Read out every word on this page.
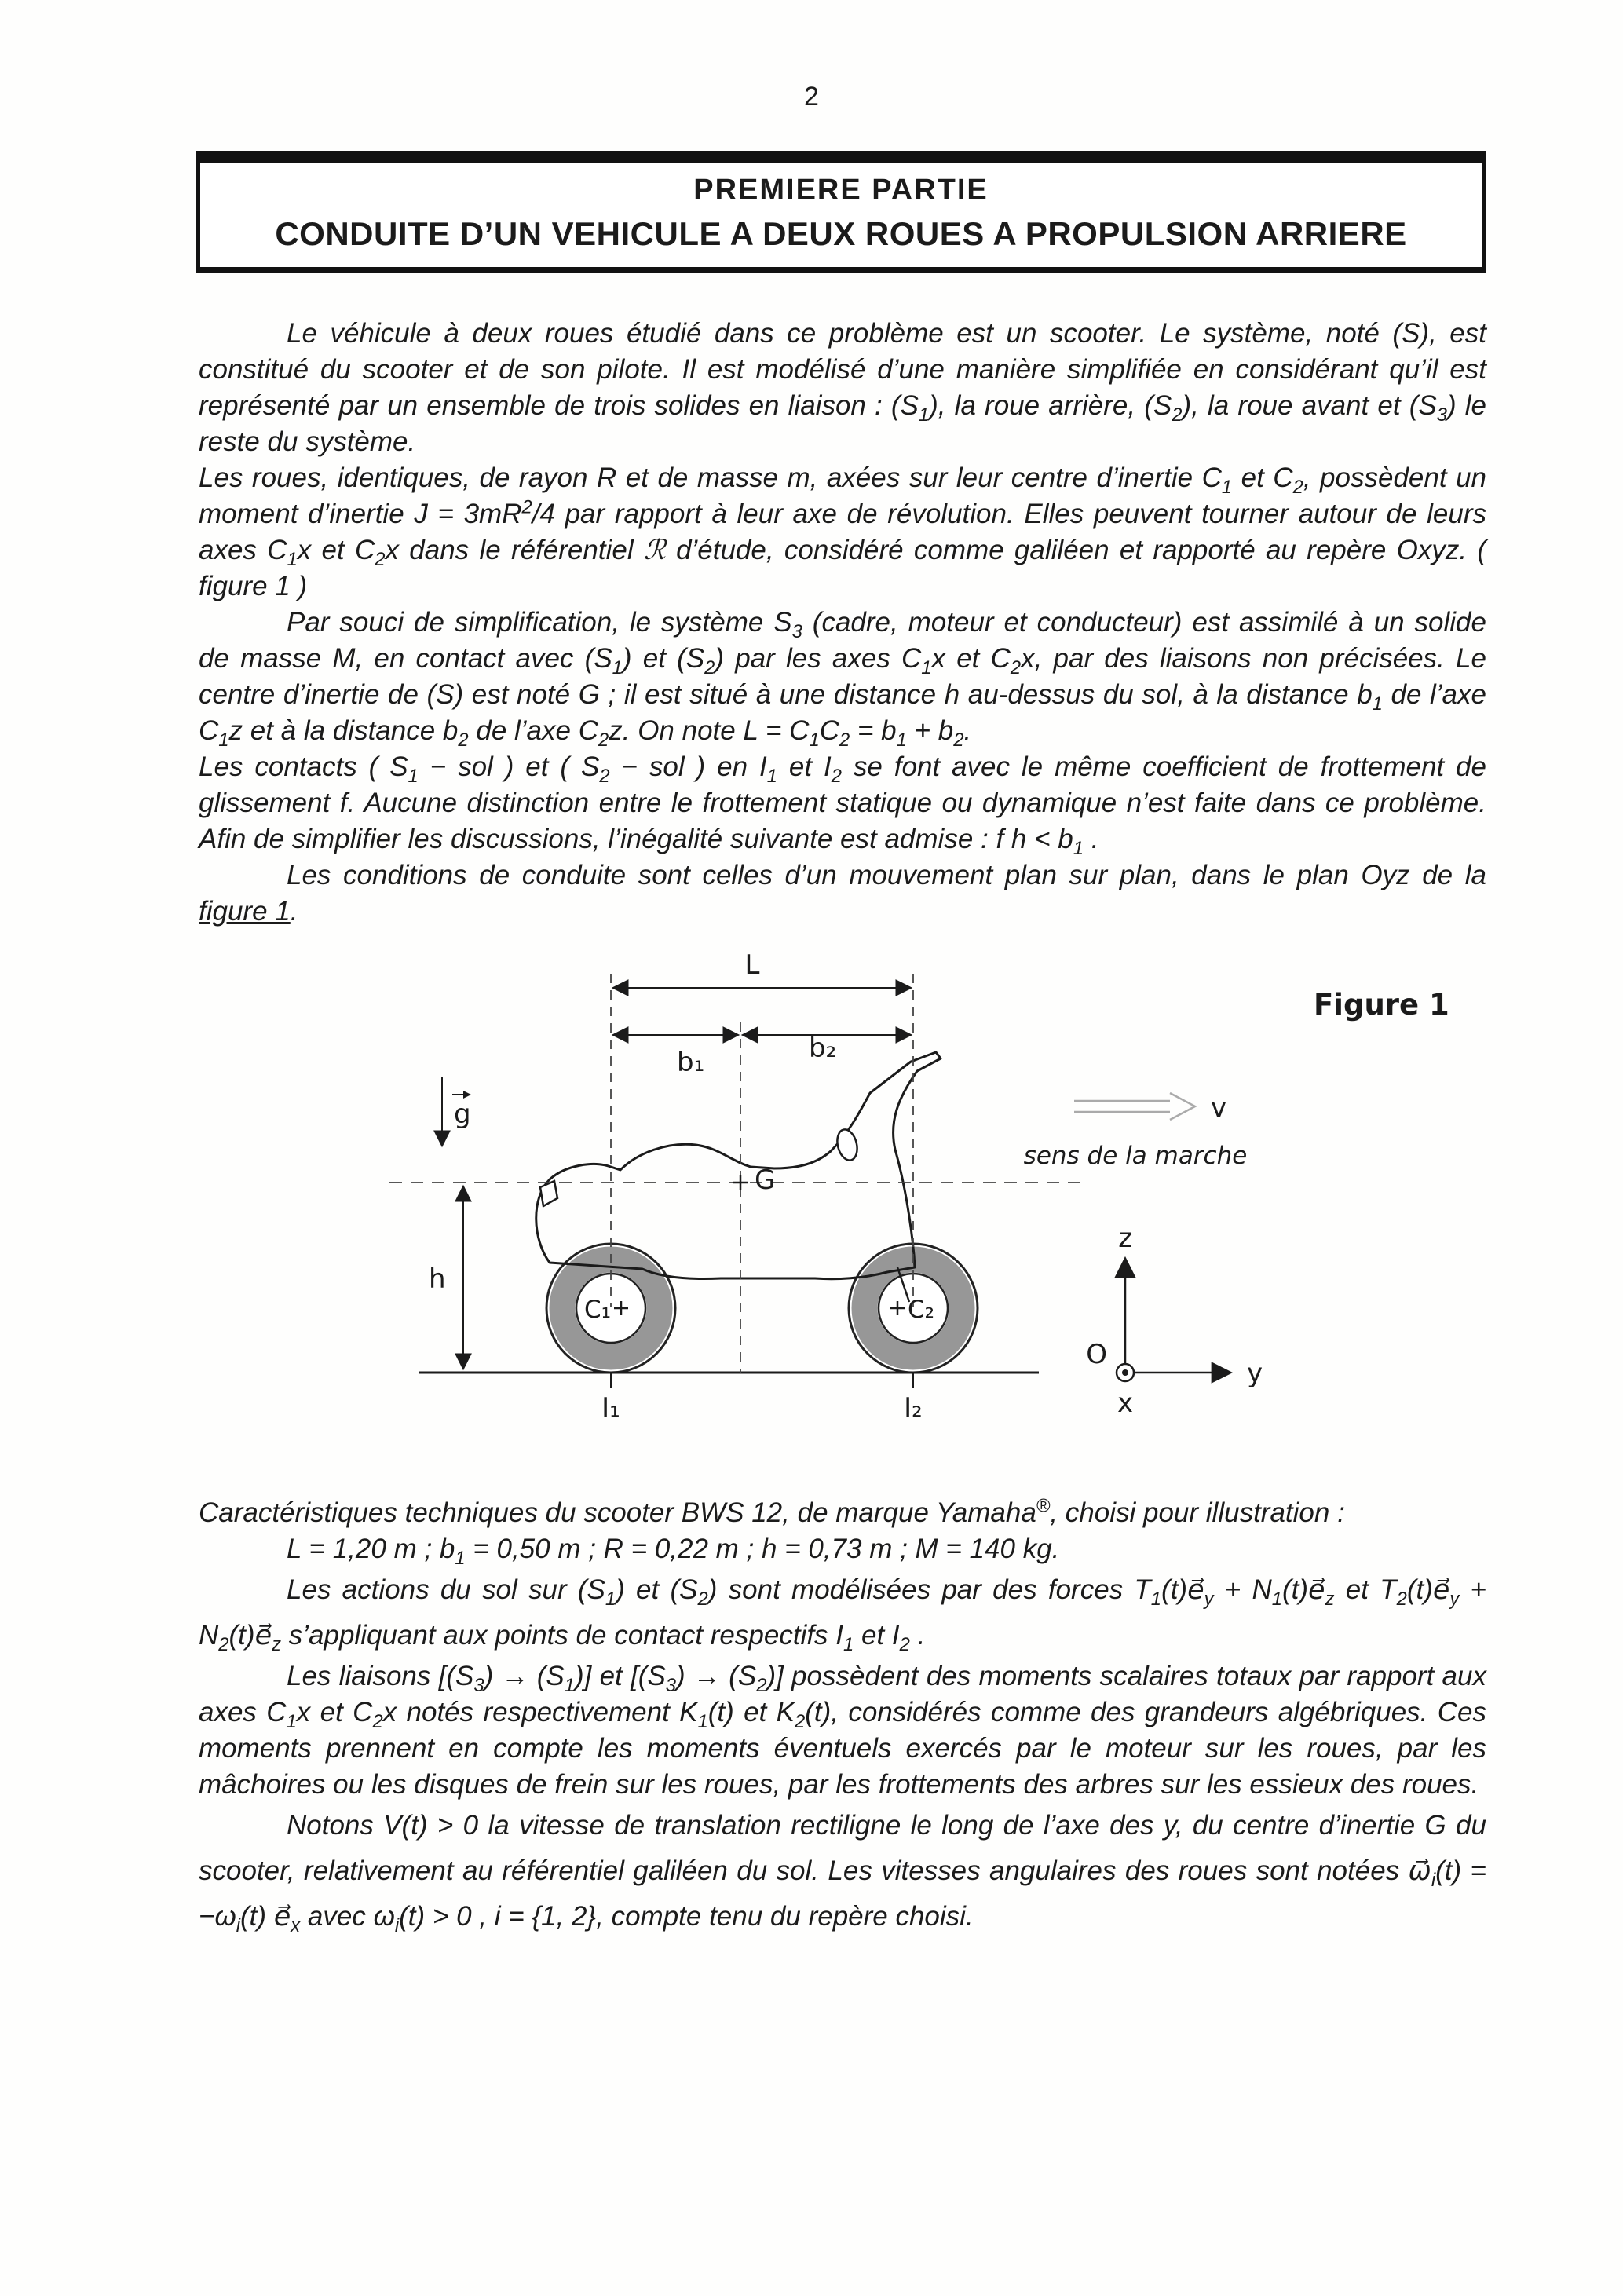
2
PREMIERE PARTIE
CONDUITE D’UN VEHICULE A DEUX ROUES A PROPULSION ARRIERE

Le véhicule à deux roues étudié dans ce problème est un scooter. Le système, noté (S), est constitué du scooter et de son pilote. Il est modélisé d’une manière simplifiée en considérant qu’il est représenté par un ensemble de trois solides en liaison : $(S_1)$, la roue arrière, $(S_2)$, la roue avant et $(S_3)$ le reste du système.

Les roues, identiques, de rayon R et de masse m, axées sur leur centre d’inertie $C_1$ et $C_2$, possèdent un moment d’inertie $J = 3mR^2/4$ par rapport à leur axe de révolution. Elles peuvent tourner autour de leurs axes $C_1x$ et $C_2x$ dans le référentiel ℛ d’étude, considéré comme galiléen et rapporté au repère Oxyz. ( figure 1 )

Par souci de simplification, le système $S_3$ (cadre, moteur et conducteur) est assimilé à un solide de masse M, en contact avec $(S_1)$ et $(S_2)$ par les axes $C_1x$ et $C_2x$, par des liaisons non précisées. Le centre d’inertie de (S) est noté G ; il est situé à une distance h au-dessus du sol, à la distance $b_1$ de l’axe $C_1z$ et à la distance $b_2$ de l’axe $C_2z$. On note $L = C_1C_2 = b_1 + b_2$.

Les contacts ( $S_1$ − sol ) et ( $S_2$ − sol ) en $I_1$ et $I_2$ se font avec le même coefficient de frottement de glissement f. Aucune distinction entre le frottement statique ou dynamique n’est faite dans ce problème. Afin de simplifier les discussions, l’inégalité suivante est admise : f $h < b_1$ .

Les conditions de conduite sont celles d’un mouvement plan sur plan, dans le plan Oyz de la figure 1.

L
b₁	b₂
g
h
G
C₁	C₂
I₁	I₂
v
sens de la marche
z
y
O
x
Figure 1

Caractéristiques techniques du scooter BWS 12, de marque Yamaha®, choisi pour illustration :

L = 1,20 m ; $b_1 = 0,50$ m ; R = 0,22 m ; h = 0,73 m ; M = 140 kg.

Les actions du sol sur $(S_1)$ et $(S_2)$ sont modélisées par des forces $T_1(t)e⃗_y$ + $N_1(t)e⃗_z$ et $T_2(t)e⃗_y$ + $N_2(t)e⃗_z$ s’appliquant aux points de contact respectifs $I_1$ et $I_2$ .

Les liaisons $[(S_3) \to (S_1)]$ et $[(S_3) \to (S_2)]$ possèdent des moments scalaires totaux par rapport aux axes $C_1x$ et $C_2x$ notés respectivement $K_1(t)$ et $K_2(t)$, considérés comme des grandeurs algébriques. Ces moments prennent en compte les moments éventuels exercés par le moteur sur les roues, par les mâchoires ou les disques de frein sur les roues, par les frottements des arbres sur les essieux des roues.

Notons V(t) > 0 la vitesse de translation rectiligne le long de l’axe des y, du centre d’inertie G du scooter, relativement au référentiel galiléen du sol. Les vitesses angulaires des roues sont notées $\omega⃗_i(t) = -\omega_i(t)$ $e⃗_x$ avec $\omega_i(t) > 0$ , i = {1, 2}, compte tenu du repère choisi.
